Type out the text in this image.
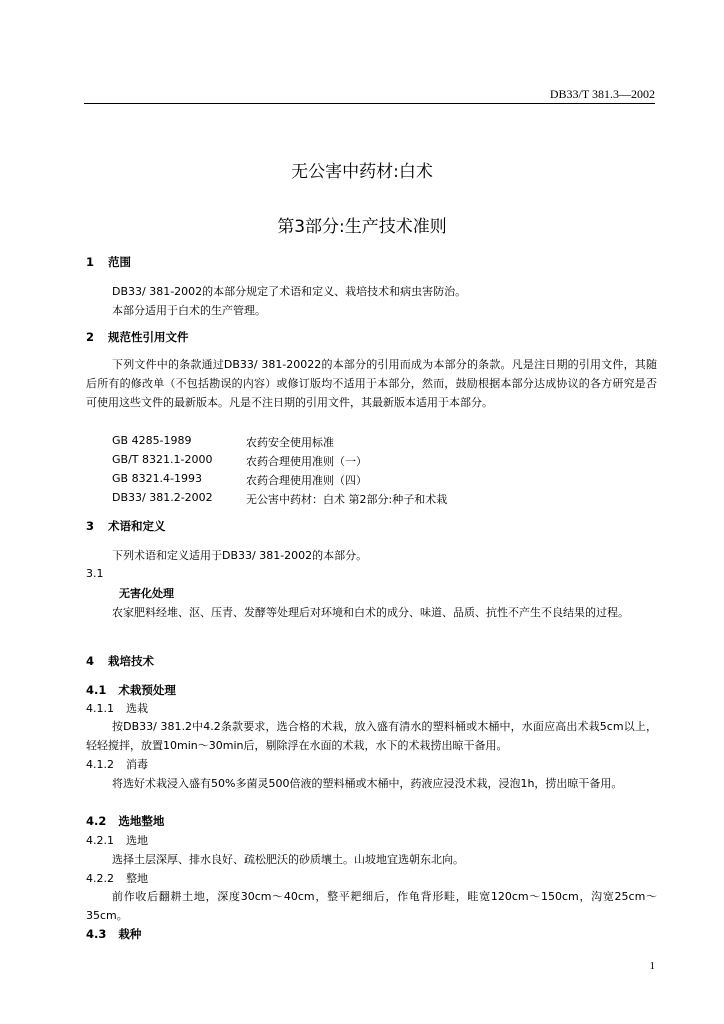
DB33/T 381.3—2002
无公害中药材:白术
第3部分:生产技术准则
1 范围
DB33/ 381-2002的本部分规定了术语和定义、栽培技术和病虫害防治。
本部分适用于白术的生产管理。
2 规范性引用文件
下列文件中的条款通过DB33/ 381-20022的本部分的引用而成为本部分的条款。凡是注日期的引用文件，其随后所有的修改单（不包括勘误的内容）或修订版均不适用于本部分，然而，鼓励根据本部分达成协议的各方研究是否可使用这些文件的最新版本。凡是不注日期的引用文件，其最新版本适用于本部分。
GB 4285-1989	农药安全使用标准
GB/T 8321.1-2000	农药合理使用准则（一）
GB 8321.4-1993	农药合理使用准则（四）
DB33/ 381.2-2002	无公害中药材：白术 第2部分:种子和术栽
3 术语和定义
下列术语和定义适用于DB33/ 381-2002的本部分。
3.1
无害化处理
农家肥料经堆、沤、压青、发酵等处理后对环境和白术的成分、味道、品质、抗性不产生不良结果的过程。
4 栽培技术
4.1 术栽预处理
4.1.1 选栽
按DB33/ 381.2中4.2条款要求，选合格的术栽，放入盛有清水的塑料桶或木桶中，水面应高出术栽5cm以上，轻轻搅拌，放置10min～30min后，剔除浮在水面的术栽，水下的术栽捞出晾干备用。
4.1.2 消毒
将选好术栽浸入盛有50%多菌灵500倍液的塑料桶或木桶中，药液应浸没术栽，浸泡1h，捞出晾干备用。
4.2 选地整地
4.2.1 选地
选择土层深厚、排水良好、疏松肥沃的砂质壤土。山坡地宜选朝东北向。
4.2.2 整地
前作收后翻耕土地，深度30cm～40cm，整平耙细后，作龟背形畦，畦宽120cm～150cm，沟宽25cm～35cm。
4.3 栽种
1
